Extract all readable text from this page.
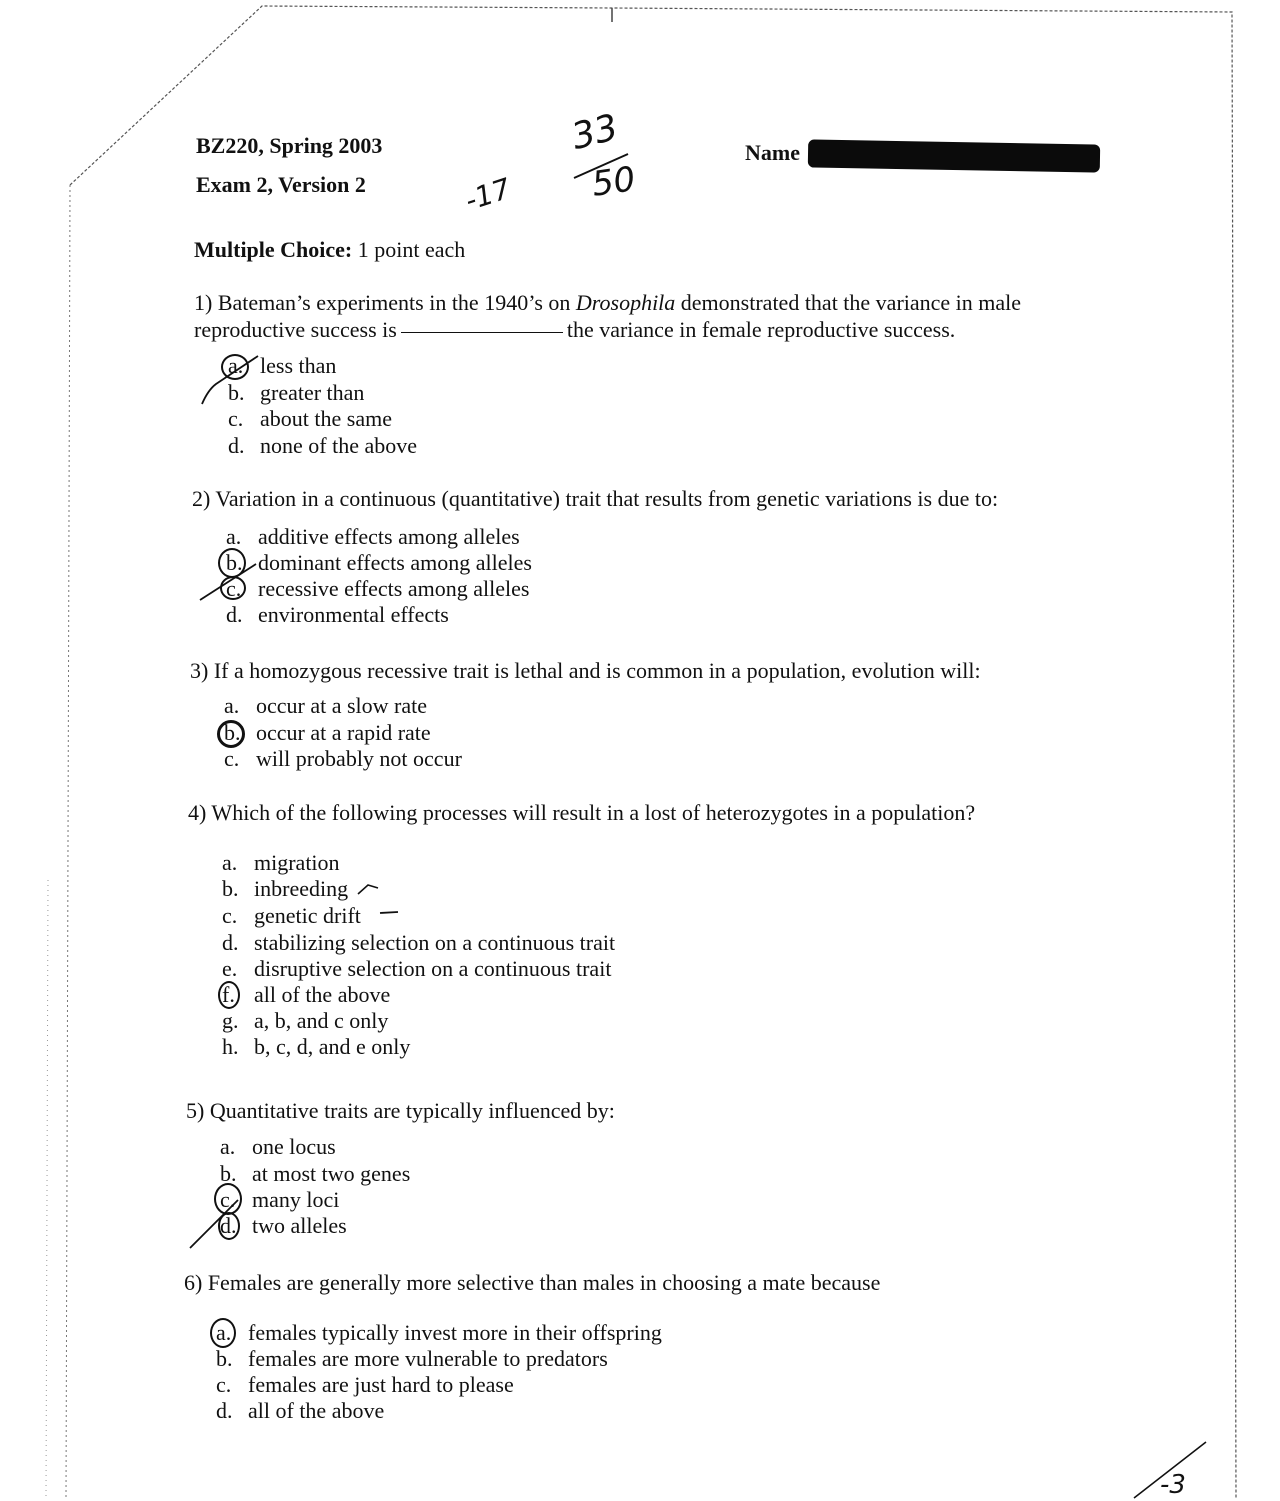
BZ220, Spring 2003
Exam 2, Version 2
Name
33
50
-17
Multiple Choice: 1 point each
1) Bateman’s experiments in the 1940’s on Drosophila demonstrated that the variance in male
reproductive success is	the variance in female reproductive success.
a. less than
b. greater than
c. about the same
d. none of the above
2) Variation in a continuous (quantitative) trait that results from genetic variations is due to:
a. additive effects among alleles
b. dominant effects among alleles
c. recessive effects among alleles
d. environmental effects
3) If a homozygous recessive trait is lethal and is common in a population, evolution will:
a. occur at a slow rate
b. occur at a rapid rate
c. will probably not occur
4) Which of the following processes will result in a lost of heterozygotes in a population?
a. migration
b. inbreeding
c. genetic drift
d. stabilizing selection on a continuous trait
e. disruptive selection on a continuous trait
f. all of the above
g. a, b, and c only
h. b, c, d, and e only
5) Quantitative traits are typically influenced by:
a. one locus
b. at most two genes
c. many loci
d. two alleles
6) Females are generally more selective than males in choosing a mate because
a. females typically invest more in their offspring
b. females are more vulnerable to predators
c. females are just hard to please
d. all of the above
-3
